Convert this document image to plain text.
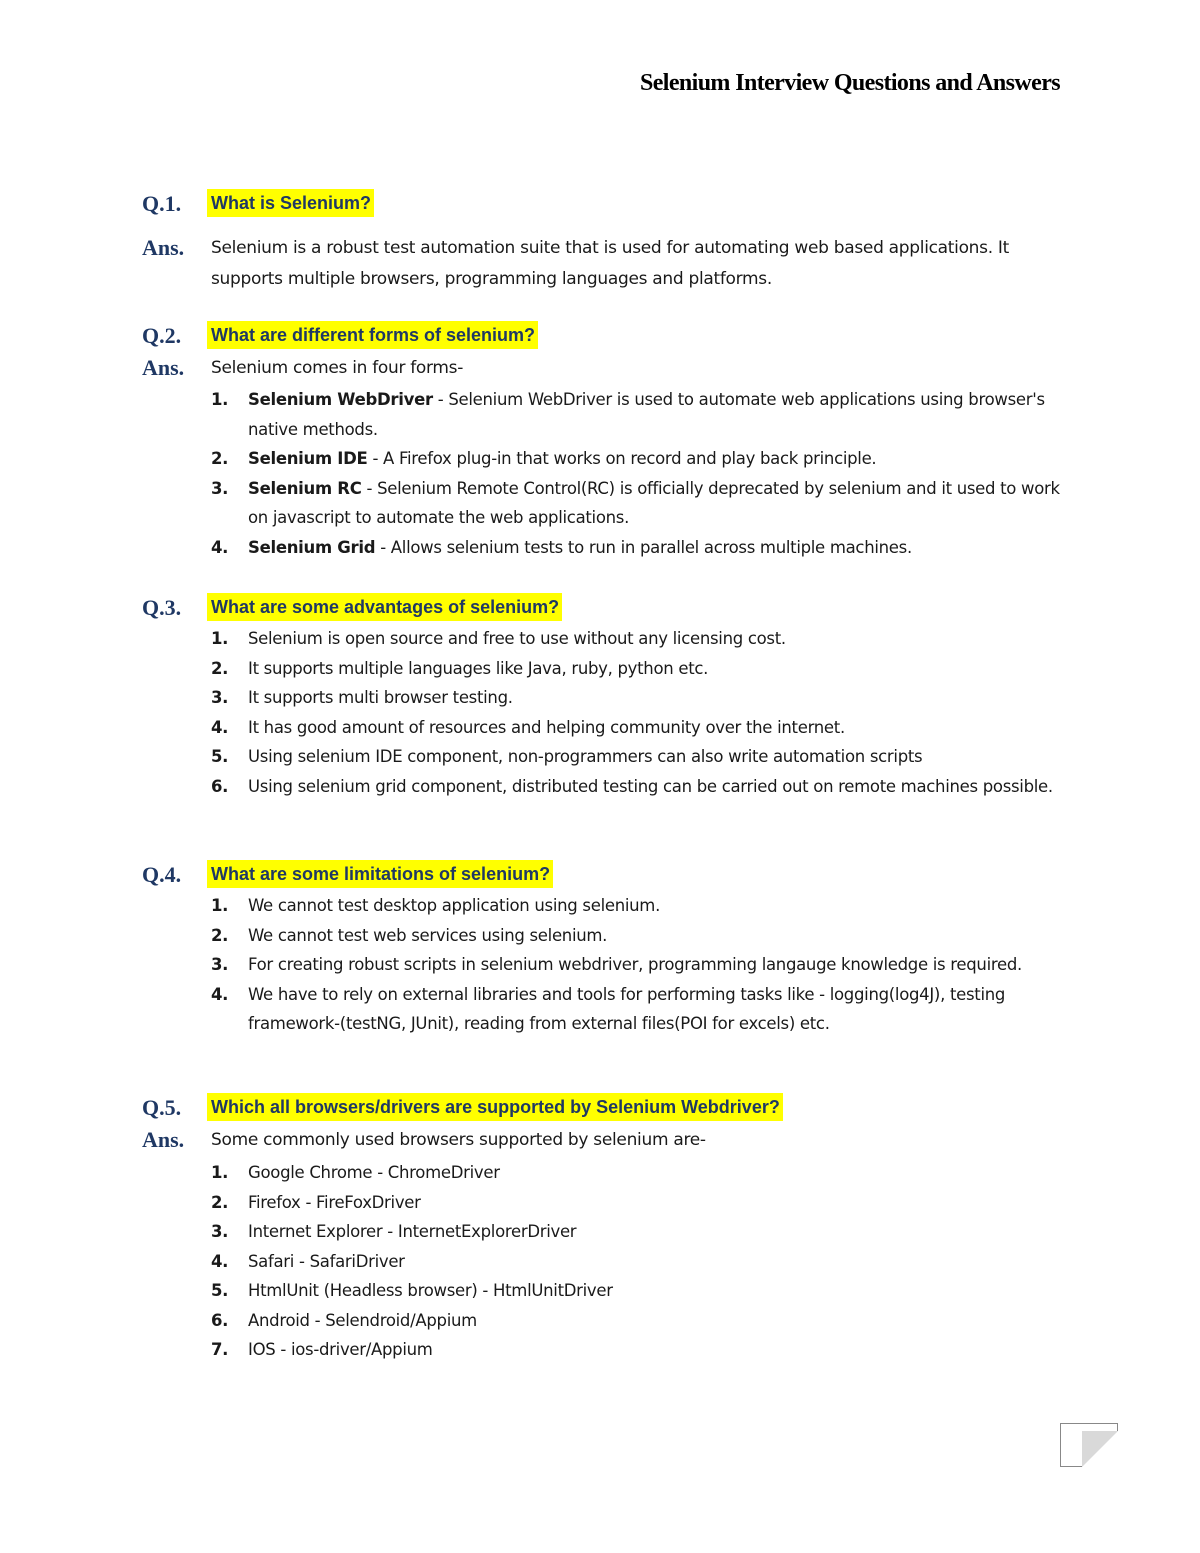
Selenium Interview Questions and Answers
Q.1. What is Selenium?
Ans. Selenium is a robust test automation suite that is used for automating web based applications. It supports multiple browsers, programming languages and platforms.
Q.2. What are different forms of selenium?
Ans. Selenium comes in four forms-
1. Selenium WebDriver - Selenium WebDriver is used to automate web applications using browser's native methods.
2. Selenium IDE - A Firefox plug-in that works on record and play back principle.
3. Selenium RC - Selenium Remote Control(RC) is officially deprecated by selenium and it used to work on javascript to automate the web applications.
4. Selenium Grid - Allows selenium tests to run in parallel across multiple machines.
Q.3. What are some advantages of selenium?
1. Selenium is open source and free to use without any licensing cost.
2. It supports multiple languages like Java, ruby, python etc.
3. It supports multi browser testing.
4. It has good amount of resources and helping community over the internet.
5. Using selenium IDE component, non-programmers can also write automation scripts
6. Using selenium grid component, distributed testing can be carried out on remote machines possible.
Q.4. What are some limitations of selenium?
1. We cannot test desktop application using selenium.
2. We cannot test web services using selenium.
3. For creating robust scripts in selenium webdriver, programming langauge knowledge is required.
4. We have to rely on external libraries and tools for performing tasks like - logging(log4J), testing framework-(testNG, JUnit), reading from external files(POI for excels) etc.
Q.5. Which all browsers/drivers are supported by Selenium Webdriver?
Ans. Some commonly used browsers supported by selenium are-
1. Google Chrome - ChromeDriver
2. Firefox - FireFoxDriver
3. Internet Explorer - InternetExplorerDriver
4. Safari - SafariDriver
5. HtmlUnit (Headless browser) - HtmlUnitDriver
6. Android - Selendroid/Appium
7. IOS - ios-driver/Appium
1
